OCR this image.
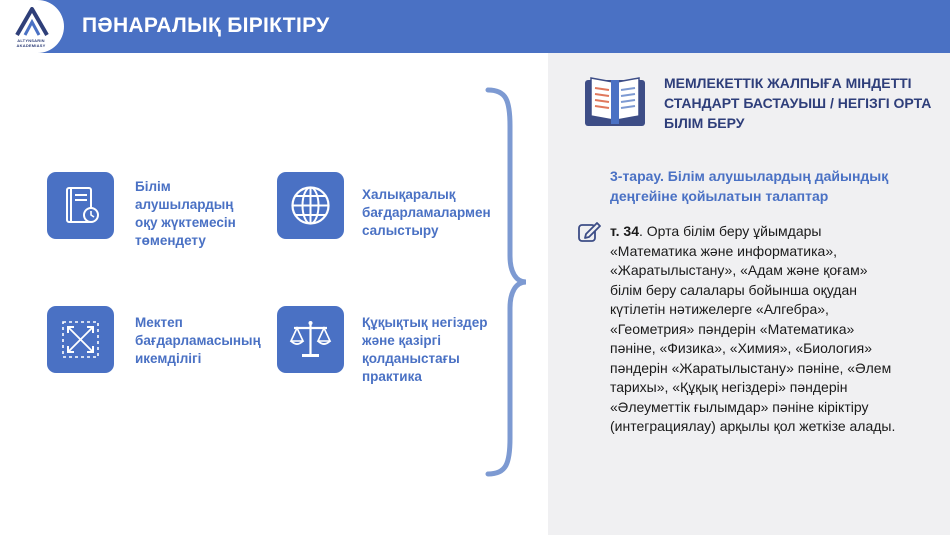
ALTYNSARIN AKADEMIASY
ПӘНАРАЛЫҚ БІРІКТІРУ
Білім алушылардың оқу жүктемесін төмендету
Халықаралық бағдарламалармен салыстыру
Мектеп бағдарламасының икемділігі
Құқықтық негіздер және қазіргі қолданыстағы практика
МЕМЛЕКЕТТІК ЖАЛПЫҒА МІНДЕТТІ СТАНДАРТ БАСТАУЫШ / НЕГІЗГІ ОРТА БІЛІМ БЕРУ
3-тарау. Білім алушылардың дайындық деңгейіне қойылатын талаптар
т. 34. Орта білім беру ұйымдары «Математика және информатика», «Жаратылыстану», «Адам және қоғам» білім беру салалары бойынша оқудан күтілетін нәтижелерге «Алгебра», «Геометрия» пәндерін «Математика» пәніне, «Физика», «Химия», «Биология» пәндерін «Жаратылыстану» пәніне, «Әлем тарихы», «Құқық негіздері» пәндерін «Әлеуметтік ғылымдар» пәніне кіріктіру (интеграциялау) арқылы қол жеткізе алады.
